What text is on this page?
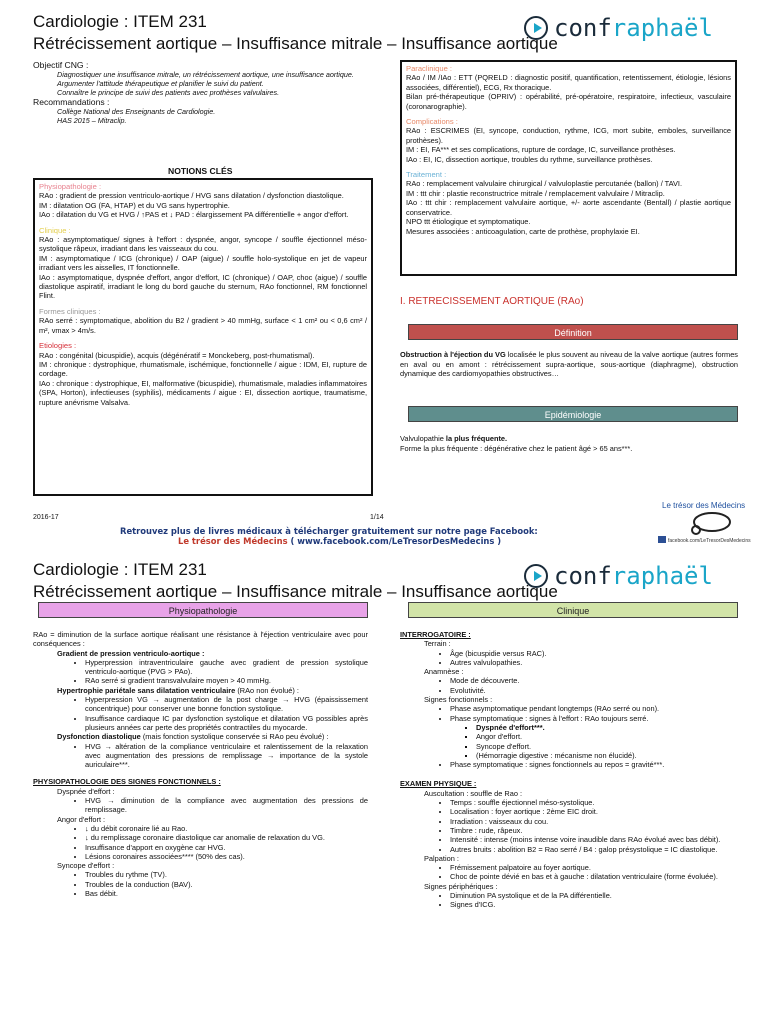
Cardiologie : ITEM 231
Rétrécissement aortique – Insuffisance mitrale – Insuffisance aortique
conf raphaël
Objectif CNG :
Diagnostiquer une insuffisance mitrale, un rétrécissement aortique, une insuffisance aortique.
Argumenter l'attitude thérapeutique et planifier le suivi du patient.
Connaître le principe de suivi des patients avec prothèses valvulaires.
Recommandations :
Collège National des Enseignants de Cardiologie.
HAS 2015 – Mitraclip.
NOTIONS CLÉS
Physiopathologie :
RAo : gradient de pression ventriculo-aortique / HVG sans dilatation / dysfonction diastolique.
IM : dilatation OG (FA, HTAP) et du VG sans hypertrophie.
IAo : dilatation du VG et HVG / ↑PAS et ↓ PAD : élargissement PA différentielle + angor d'effort.
Clinique :
RAo : asymptomatique/ signes à l'effort : dyspnée, angor, syncope / souffle éjectionnel méso-systolique râpeux, irradiant dans les vaisseaux du cou.
IM : asymptomatique / ICG (chronique) / OAP (aigue) / souffle holo-systolique en jet de vapeur irradiant vers les aisselles, IT fonctionnelle.
IAo : asymptomatique, dyspnée d'effort, angor d'effort, IC (chronique) / OAP, choc (aigue) / souffle diastolique aspiratif, irradiant le long du bord gauche du sternum, RAo fonctionnel, RM fonctionnel Flint.
Formes cliniques :
RAo serré : symptomatique, abolition du B2 / gradient > 40 mmHg, surface < 1 cm² ou < 0,6 cm² / m², vmax > 4m/s.
Etiologies :
RAo : congénital (bicuspidie), acquis (dégénératif = Monckeberg, post-rhumatismal).
IM : chronique : dystrophique, rhumatismale, ischémique, fonctionnelle / aigue : IDM, EI, rupture de cordage.
IAo : chronique : dystrophique, EI, malformative (bicuspidie), rhumatismale, maladies inflammatoires (SPA, Horton), infectieuses (syphilis), médicaments / aigue : EI, dissection aortique, traumatisme, rupture anévrisme Valsalva.
Paraclinique :
RAo / IM /IAo : ETT (PQRELD : diagnostic positif, quantification, retentissement, étiologie, lésions associées, différentiel), ECG, Rx thoracique.
Bilan pré-thérapeutique (OPRIV) : opérabilité, pré-opératoire, respiratoire, infectieux, vasculaire (coronarographie).
Complications :
RAo : ESCRIMES (EI, syncope, conduction, rythme, ICG, mort subite, emboles, surveillance prothèses).
IM : EI, FA*** et ses complications, rupture de cordage, IC, surveillance prothèses.
IAo : EI, IC, dissection aortique, troubles du rythme, surveillance prothèses.
Traitement :
RAo : remplacement valvulaire chirurgical / valvuloplastie percutanée (ballon) / TAVI.
IM : ttt chir : plastie reconstructrice mitrale / remplacement valvulaire / Mitraclip.
IAo : ttt chir : remplacement valvulaire aortique, +/- aorte ascendante (Bentall) / plastie aortique conservatrice.
NPO ttt étiologique et symptomatique.
Mesures associées : anticoagulation, carte de prothèse, prophylaxie EI.
I. RETRECISSEMENT AORTIQUE (RAo)
Définition
Obstruction à l'éjection du VG localisée le plus souvent au niveau de la valve aortique (autres formes en aval ou en amont : rétrécissement supra-aortique, sous-aortique (diaphragme), obstruction dynamique des cardiomyopathies obstructives…
Epidémiologie
Valvulopathie la plus fréquente.
Forme la plus fréquente : dégénérative chez le patient âgé > 65 ans***.
2016-17	1/14
Retrouvez plus de livres médicaux à télécharger gratuitement sur notre page Facebook:
Le trésor des Médecins ( www.facebook.com/LeTresorDesMedecins )
Le trésor des Médecins
facebook.com/LeTresorDesMedecins
Cardiologie : ITEM 231
Rétrécissement aortique – Insuffisance mitrale – Insuffisance aortique
conf raphaël
Physiopathologie	Clinique
RAo = diminution de la surface aortique réalisant une résistance à l'éjection ventriculaire avec pour conséquences :
Gradient de pression ventriculo-aortique :
• Hyperpression intraventriculaire gauche avec gradient de pression systolique ventriculo-aortique (PVG > PAo).
• RAo serré si gradient transvalvulaire moyen > 40 mmHg.
Hypertrophie pariétale sans dilatation ventriculaire (RAo non évolué) :
• Hyperpression VG → augmentation de la post charge → HVG (épaississement concentrique) pour conserver une bonne fonction systolique.
• Insuffisance cardiaque IC par dysfonction systolique et dilatation VG possibles après plusieurs années car perte des propriétés contractiles du myocarde.
Dysfonction diastolique (mais fonction systolique conservée si RAo peu évolué) :
• HVG → altération de la compliance ventriculaire et ralentissement de la relaxation avec augmentation des pressions de remplissage → importance de la systole auriculaire***.
PHYSIOPATHOLOGIE DES SIGNES FONCTIONNELS :
Dyspnée d'effort :
• HVG → diminution de la compliance avec augmentation des pressions de remplissage.
Angor d'effort :
• ↓ du débit coronaire lié au Rao.
• ↓ du remplissage coronaire diastolique car anomalie de relaxation du VG.
• Insuffisance d'apport en oxygène car HVG.
• Lésions coronaires associées**** (50% des cas).
Syncope d'effort :
• Troubles du rythme (TV).
• Troubles de la conduction (BAV).
• Bas débit.
INTERROGATOIRE :
Terrain :
• Âge (bicuspidie versus RAC).
• Autres valvulopathies.
Anamnèse :
• Mode de découverte.
• Evolutivité.
Signes fonctionnels :
• Phase asymptomatique pendant longtemps (RAo serré ou non).
• Phase symptomatique : signes à l'effort : RAo toujours serré.
▪ Dyspnée d'effort***.
▪ Angor d'effort.
▪ Syncope d'effort.
▪ (Hémorragie digestive : mécanisme non élucidé).
• Phase symptomatique : signes fonctionnels au repos = gravité***.
EXAMEN PHYSIQUE :
Auscultation : souffle de Rao :
• Temps : souffle éjectionnel méso-systolique.
• Localisation : foyer aortique : 2ème EIC droit.
• Irradiation : vaisseaux du cou.
• Timbre : rude, râpeux.
• Intensité : intense (moins intense voire inaudible dans RAo évolué avec bas débit).
• Autres bruits : abolition B2 = Rao serré / B4 : galop présystolique = IC diastolique.
Palpation :
• Frémissement palpatoire au foyer aortique.
• Choc de pointe dévié en bas et à gauche : dilatation ventriculaire (forme évoluée).
Signes périphériques :
• Diminution PA systolique et de la PA différentielle.
• Signes d'ICG.
